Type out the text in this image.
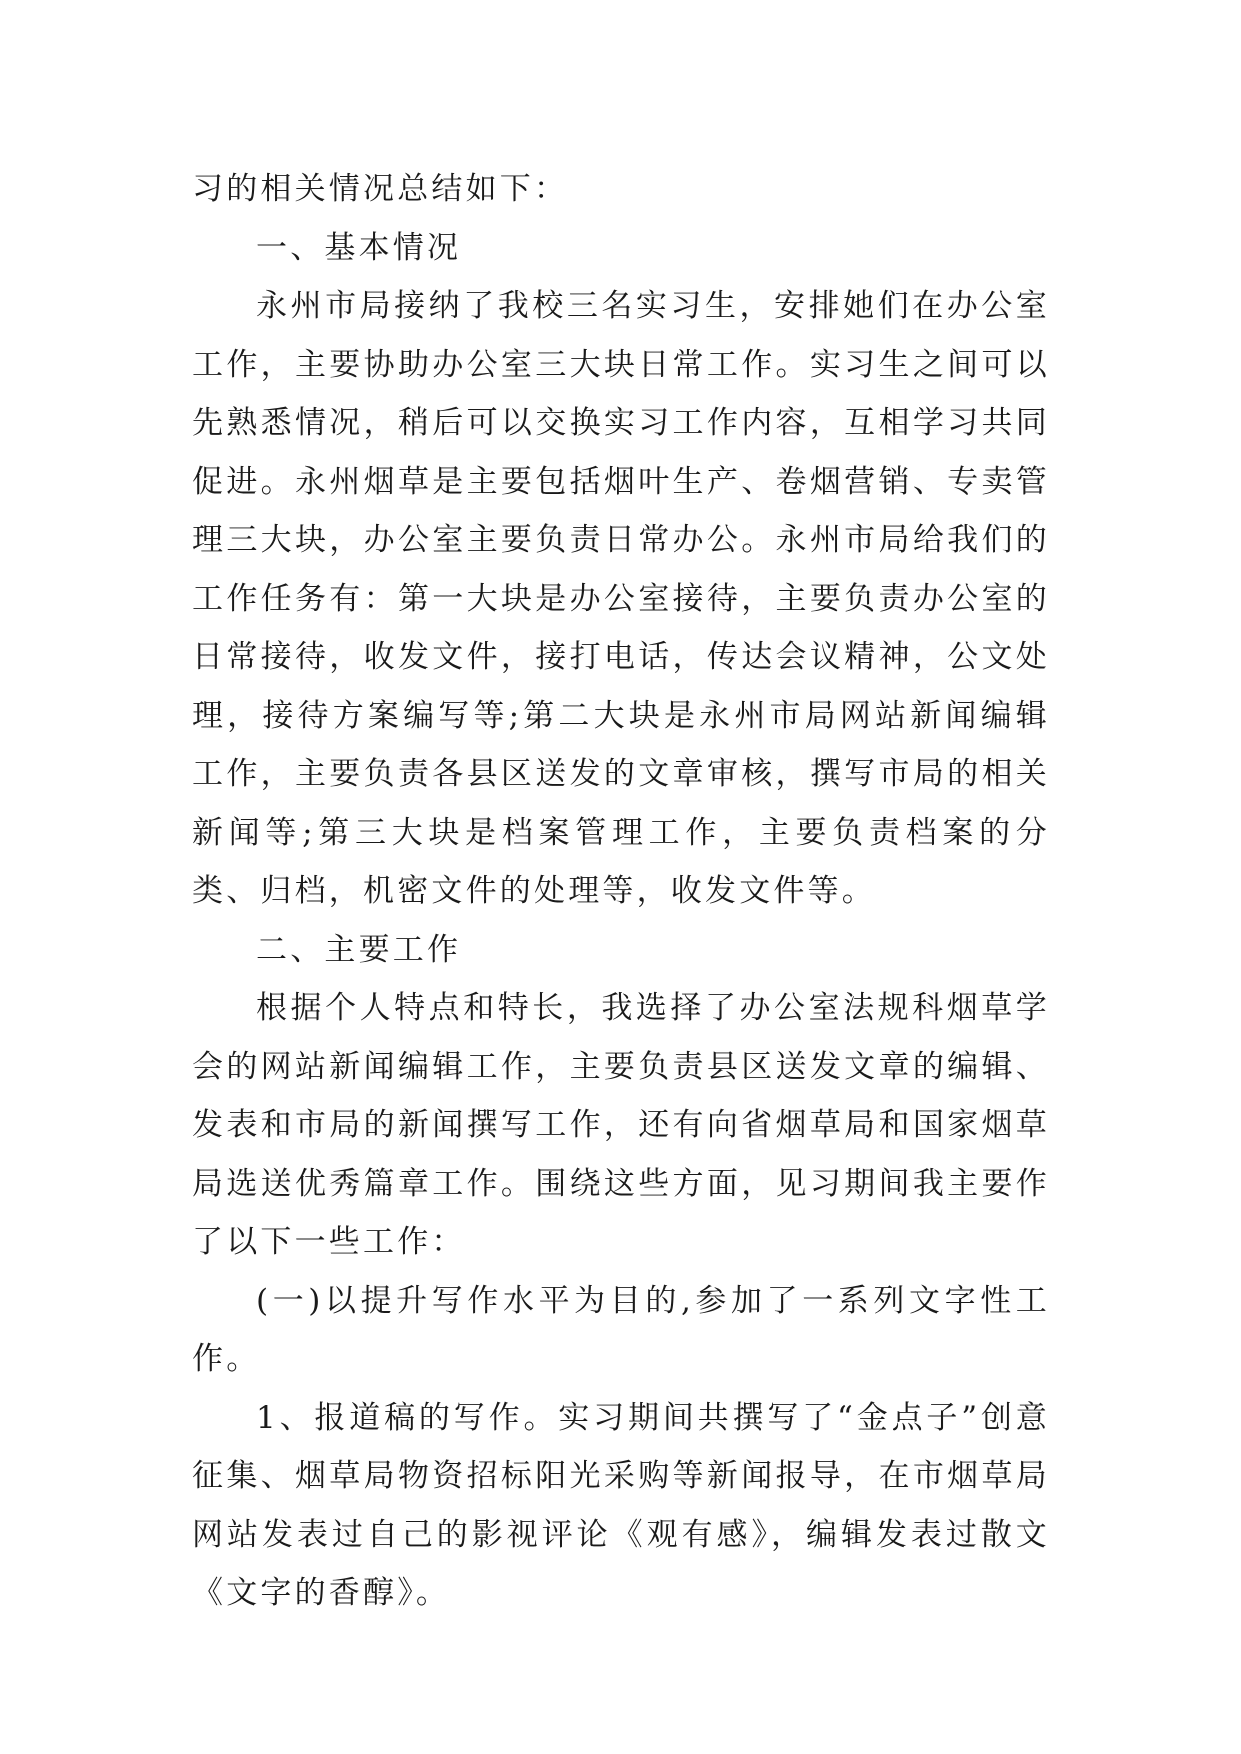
习的相关情况总结如下：

一、基本情况

永州市局接纳了我校三名实习生，安排她们在办公室工作，主要协助办公室三大块日常工作。实习生之间可以先熟悉情况，稍后可以交换实习工作内容，互相学习共同促进。永州烟草是主要包括烟叶生产、卷烟营销、专卖管理三大块，办公室主要负责日常办公。永州市局给我们的工作任务有：第一大块是办公室接待，主要负责办公室的日常接待，收发文件，接打电话，传达会议精神，公文处理，接待方案编写等;第二大块是永州市局网站新闻编辑工作，主要负责各县区送发的文章审核，撰写市局的相关新闻等;第三大块是档案管理工作，主要负责档案的分类、归档，机密文件的处理等，收发文件等。

二、主要工作

根据个人特点和特长，我选择了办公室法规科烟草学会的网站新闻编辑工作，主要负责县区送发文章的编辑、发表和市局的新闻撰写工作，还有向省烟草局和国家烟草局选送优秀篇章工作。围绕这些方面，见习期间我主要作了以下一些工作：

(一)以提升写作水平为目的,参加了一系列文字性工作。

1、报道稿的写作。实习期间共撰写了“金点子”创意征集、烟草局物资招标阳光采购等新闻报导，在市烟草局网站发表过自己的影视评论《观有感》，编辑发表过散文《文字的香醇》。
